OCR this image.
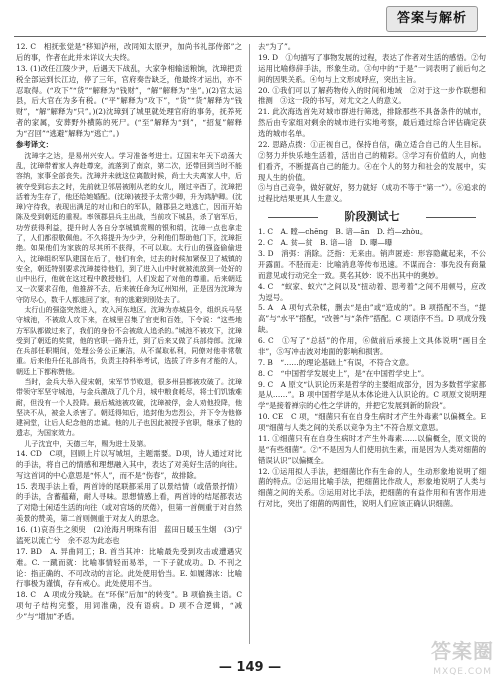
答案与解析
12. C　相抚张觉是“移知泸州，改同知太原尹，加尚书礼部侍郎”之后的事，作者在此并未详议大夫终。
13. (1)改任江陵少尹，后遇天下战乱，大家争相输送粮饷，沈璋把贡税全部运到长江边，停了三年，官府奏告缺乏，他最终才运出，亦不忍取得。(“攻下”“货”“解释为“钱财”，“解”解释为“坐”。)(2)官太运县，后大官在为多有税。(“平”解释为“攻下”，“货”“货”解释为“钱财”，“解”解释为“只”。)(2)沈璋到了城里就处理官府的事务，抚养死者的家属，安葬野外横陈的死尸。(“至”解释为“到”，“招复”解释为“召回”“逃避”解释为“逃亡”。)
参考译文：
沈璋字之达，是易州兴安人。学习准备考进士。辽国末年天下动荡大乱，沈璋带着家人奔赴尊宠，流落到了南京，第二次，还带回到当时不能容纳，家事全部丧失。沈璋并未就这位离散时候，尚士大夫离家人中，后被夺受到忘去之时，先前就卫邻居被刚从老的女儿，刚过辛酉了，沈璋把活着为生存了，他还给她婚配。(沈璋)被授予太常少卿，升为鸿胪卿。(沈璋)守待我，表现出满足的对山和白的军队，随郡县之地逃亡，因而开始陈及受到朝廷的重视。率领郡县兵主出战，当前攻下城县，杀了宿军后，功劳获得利益，提升时人各自分享城镇赏赐的银和绢，沈璋一点也拿走了，人们都很敬佩他。不久将提升为少尹，分利他们帮助他门下，沈璋拒绝。如果他们为家族的尽其所不获得，不可以取。太行山的强盗偷偷进入，沈璋组织军队建国在后了，他们有余，过去的时候加紧保卫了城镇的安全，朝廷特别要求沈璋接待他们，到了进入山中时就被流放到一处好的山中出行，他就在这过程中教授他们，人们发起了对他的尊重。后来朝廷又一次要求召他，他推辞不去，后来被任命为辽州知州，正是因为沈璋为守防尽心，数千人都逃回了家，有的逃避到别处去了。
太行山的强盗突然进入，攻入河东地区。沈璋为赤城县令，组织兵马坚守城池，不被敌人攻下来，在城里召集了官吏和百姓，下令说：“这些地方军队都做过来了，我们的身份不会被敌人追杀的。”城池不被攻下，沈璋受到了朝廷的奖赏，他的官职一路升迁，到了后来又做了兵部侍郎。沈璋在兵部任职期间，处理公务公正廉洁，从不谋取私利，同僚对他非常敬重。后来他升任礼部尚书，负责主持科举考试，选拔了许多有才能的人，朝廷上下都称赞他。
当时，金兵大举入侵宋朝，宋军节节败退，很多州县都被攻破了。沈璋带领守军坚守城池，与金兵激战了几个月，城中粮食耗尽，将士们饥饿难耐，但没有一个人投降。最后城池被攻破，沈璋被俘，金人劝他投降，他坚决不从，被金人杀害了。朝廷得知后，追封他为忠烈公，并下令为他修建祠堂，让后人纪念他的忠诚。他的儿子也因此被授予官职，继承了他的遗志，为国家效力。
儿子沈宜中，天德三年，赐为进士及第。
14. CD　C项，回顾上片以写城垣，主题需要。D项，诗人通过对比的手法，将自己的情感和理想融入其中，表达了对美好生活的向往。写这首词的中心意思是“怀人”，而不是“伤春”，故排除。
15. 表现手法上看，两首诗的尾联都采用了以景结情（或借景抒情）的手法，含蓄蕴藉，耐人寻味。思想情感上看，两首诗的结尾都表达了对隐士闲适生活的向往（或对官场的厌倦），但第一首侧重于对自然美景的赞美，第二首则侧重于对友人的思念。
16. (1)哀吾生之须臾　(2)沧海月明珠有泪　蓝田日暖玉生烟　(3)宁溘死以流亡兮　余不忍为此态也
17. BD　A. 异曲同工；B. 首当其冲：比喻最先受到攻击或遭遇灾难。C. 一蹴而就：比喻事情轻而易举，一下子就成功。D. 不刊之论：指正确的、不可改动的言论。此处使用恰当。E. 如履薄冰：比喻行事极为谨慎，存有戒心。此处使用不当。
18. C　A 项成分残缺。在“环保”后加“的转变”。B 项偷换主语。C 项句子结构完整，用词准确，没有语病。D 项不合逻辑，“减少”与“增加”矛盾。
去“为了”。
19. D　①句描写了事物发展的过程，表达了作者对生活的感悟。②句运用比喻修辞手法，形象生动。③句中的“于是”一词表明了前后句之间的因果关系。④句与上文形成呼应，突出主旨。
20. ①我们可以了解药物传入的时间和地域　②对于这一步作联想和推测　③这一段的书写，对尤文之人的意义。
21. 此次海选首先对城市群进行筛选，排除那些不具备条件的城市，然后由专家组对剩余的城市进行实地考察，最后通过综合评估确定获选的城市名单。
22. 思路点拨：①正视自己，保持自信，确立适合自己的人生目标。②努力并快乐地生活着，活出自己的精彩。③学习有价值的人，向他们看齐，不断提高自己的能力。④在个人的努力和社会的发展中，实现人生的价值。
⑤与自己竞争，做好就好，努力就好（成功不等于“第一”）。⑥追求的过程比结果更具人生意义。
阶段测试七
1. C　A. 瞠—chēng　B. 谙—ān　D. 绉—zhòu。
2. C　A. 贫—贫　B. 谙—谙　D. 曝—曝
3. D　消弭：消除。泛指：无来由。销声匿迹：形容隐藏起来，不公开露面。不胫而走：比喻消息等传布迅速。不谋而合：事先没有商量而意见或行动完全一致。莫名其妙：说不出其中的奥妙。
4. C　“蚁家、蚁穴”之间以及“扭动着、思考着”之间不用顿号，应改为逗号。
5. A　A 项句式杂糅，删去“是由”或“造成的”。B 项搭配不当，“提高”与“水平”搭配，“改善”与“条件”搭配。C 项语序不当。D 项成分残缺。
6. C　①写了“总括”的作用，⑥做前后承接上文具体说明“画目全非”，⑤写冲击波对地面的影响和损害。
7. B　“……的理论基础上”有误，不符合文意。
8. C　“中国哲学发展史上”，是“在中国哲学史上”。
9. C　A 原文“认识论历来是哲学的主要组成部分，因为多数哲学家都是从……”。B 项中国哲学是从本体论进入认识论的。C 项原文说明理学“是接着禅宗的心性之学讲的，并把它发展到新的阶段”。
10. CE　C 项，“细菌只有在自身生病时才产生外毒素”以偏概全。E 项“细菌与人类之间的关系以竞争为主”不符合原文意思。
11. ①细菌只有在自身生病时才产生外毒素……以偏概全，原文说的是“有些细菌”。②“不是因为人们使用抗生素，而是因为人类对细菌的错误认识”以偏概全。
12. ①运用拟人手法，把细菌比作有生命的人，生动形象地说明了细菌的特点。②运用比喻手法，把细菌比作敌人，形象地说明了人类与细菌之间的关系。③运用对比手法，把细菌的有益作用和有害作用进行对比，突出了细菌的两面性，说明人们应该正确认识细菌。
— 149 —
答案圈
MXQE.COM
